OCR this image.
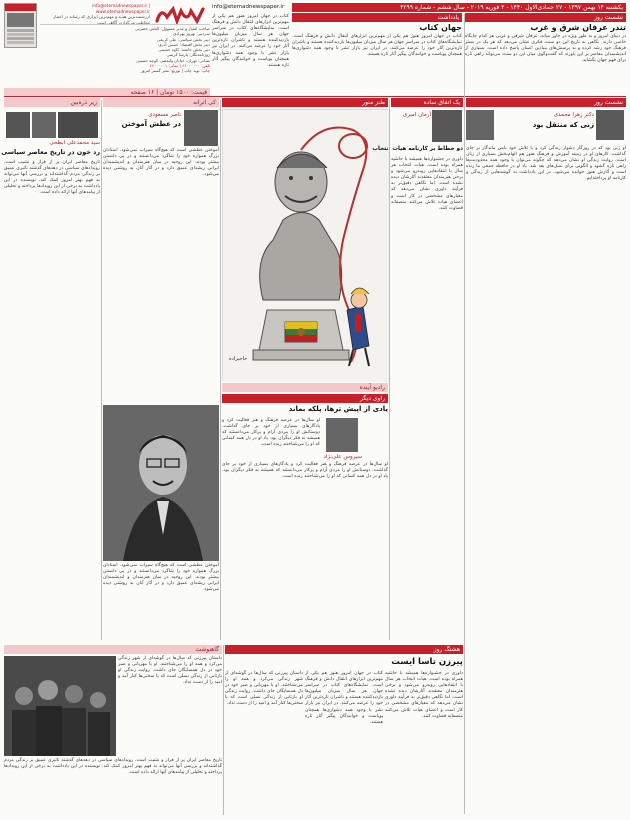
info@etemadnewspaper.ir | www.etemadnewspaper.ir
ارزشمندترین هدیه و مهم‌ترین ابزاری که رسانه در اختیار مخاطب می‌گذارد، آگاهی است
info@etemadnewspaper.ir	یکشنبه ۱۴ بهمن ۱۳۹۷ - ۲۷ جمادی‌الاول ۱۴۴۰ - ۳ فوریه ۲۰۱۹ - سال ششم - شماره ۴۲۹۹
صاحب امتیاز و مدیر مسوول: الیاس حضرتی
سردبیر: بهروز بهزادی
دبیر بخش سیاسی: علی کریمی
دبیر بخش اقتصاد: حسین آذری
دبیر بخش جامعه: کاوه حسینی
روزنامه‌نگار: پارسا کریمی
نشانی: تهران، خیابان ولیعصر، کوچه حسینی
تلفن: ۶۶۰۰۰۰۰۰ | نمابر: ۶۶۰۰۰۰۰۱
چاپ: نوید چاپ | توزیع: نشر گستر امروز
قیمت: ۱۵۰۰ تومان | ۱۶ صفحه
یادداشت
جهان کتاب
کتاب در جهان امروز هنوز هم یکی از مهم‌ترین ابزارهای انتقال دانش و فرهنگ است. نمایشگاه‌های کتاب در سراسر جهان هر سال میزبان میلیون‌ها بازدیدکننده هستند و ناشران تازه‌ترین آثار خود را عرضه می‌کنند. در ایران نیز بازار نشر با وجود همه دشواری‌ها همچنان پویاست و خوانندگان پیگیر آثار تازه هستند.
کتاب در جهان امروز هنوز هم یکی از مهم‌ترین ابزارهای انتقال دانش و فرهنگ است. نمایشگاه‌های کتاب در سراسر جهان هر سال میزبان میلیون‌ها بازدیدکننده هستند و ناشران تازه‌ترین آثار خود را عرضه می‌کنند. در ایران نیز بازار نشر با وجود همه دشواری‌ها همچنان پویاست و خوانندگان پیگیر آثار تازه هستند.
نشست روز
تندر عرفان شرق و غرب
در دنیای امروز و به طور ویژه در خاور میانه، عرفان شرقی و غربی هر کدام جایگاه خاصی دارند. نگاهی به تاریخ این دو سنت فکری نشان می‌دهد که هر یک در بستر فرهنگ خود رشد کرده و به پرسش‌های بنیادین انسان پاسخ داده است. بسیاری از اندیشمندان معاصر بر این باورند که گفت‌وگوی میان این دو سنت می‌تواند راهی تازه برای فهم جهان بگشاید.
زیر ذره‌بین	کی اثرانه	طنز منور	یک اتفاق ساده	نشست روز
سید محمدعلی ابطحی
رد خون در تاریخ معاصر سیاسی
تاریخ معاصر ایران پر از فراز و نشیب است. رویدادهای سیاسی در دهه‌های گذشته تاثیری عمیق بر زندگی مردم گذاشته‌اند و بررسی آنها می‌تواند به فهم بهتر امروز کمک کند. نویسنده در این یادداشت به برخی از این رویدادها پرداخته و تحلیلی از پیامدهای آنها ارائه داده است.
ناصر مسعودی
در عطش آموختن
آموختن عطشی است که هیچ‌گاه سیراب نمی‌شود. استادان بزرگ همواره خود را شاگرد می‌دانستند و در پی دانستن بیشتر بودند. این روحیه در میان هنرمندان و اندیشمندان ایرانی ریشه‌ای عمیق دارد و در آثار آنان به روشنی دیده می‌شود.
حاجیزاده
رادیو آینده
آرمان امیری
دو خطاط بر کارنامه هیات انتخاب
داوری در جشنواره‌ها همیشه با حاشیه همراه بوده است. هیات انتخاب هر سال با انتقادهایی روبه‌رو می‌شود و برخی هنرمندان معتقدند آثارشان دیده نشده است. اما نگاهی دقیق‌تر به فرآیند داوری نشان می‌دهد که معیارهای مشخصی در کار است و اعضای هیات تلاش می‌کنند منصفانه قضاوت کنند.
دکتر زهرا محمدی
زنی که منتقل بود
او زنی بود که در روزگار دشوار زندگی کرد و با تلاش خود نامی ماندگار بر جای گذاشت. کارهای او در زمینه آموزش و فرهنگ هنوز هم الهام‌بخش بسیاری از زنان است. روایت زندگی او نشان می‌دهد که چگونه می‌توان با وجود همه محدودیت‌ها راهی تازه گشود و الگویی برای نسل‌های بعد شد. یاد او در حافظه جمعی ما زنده است و آثارش هنوز خوانده می‌شود. در این یادداشت به گوشه‌هایی از زندگی و کارنامه او پرداخته‌ایم.
راوی دیگر
یادی از اپیش ترها، پلکه بماند
سیروس علی‌نژاد
او سال‌ها در عرصه فرهنگ و هنر فعالیت کرد و یادگارهای بسیاری از خود بر جای گذاشت. دوستانش او را مردی آرام و پرکار می‌دانستند که همیشه به فکر دیگران بود. یاد او در دل همه کسانی که او را می‌شناختند زنده است.
او سال‌ها در عرصه فرهنگ و هنر فعالیت کرد و یادگارهای بسیاری از خود بر جای گذاشت. دوستانش او را مردی آرام و پرکار می‌دانستند که همیشه به فکر دیگران بود. یاد او در دل همه کسانی که او را می‌شناختند زنده است.
آموختن عطشی است که هیچ‌گاه سیراب نمی‌شود. استادان بزرگ همواره خود را شاگرد می‌دانستند و در پی دانستن بیشتر بودند. این روحیه در میان هنرمندان و اندیشمندان ایرانی ریشه‌ای عمیق دارد و در آثار آنان به روشنی دیده می‌شود.
گاهنوشت
داستان پیرزنی که سال‌ها در گوشه‌ای از شهر زندگی می‌کرد و همه او را می‌شناختند. او با مهربانی و صبر خود در دل همسایگان جای داشت. روایت زندگی او بازتابی از زندگی نسلی است که با سختی‌ها کنار آمد و امید را از دست نداد.
تاریخ معاصر ایران پر از فراز و نشیب است. رویدادهای سیاسی در دهه‌های گذشته تاثیری عمیق بر زندگی مردم گذاشته‌اند و بررسی آنها می‌تواند به فهم بهتر امروز کمک کند. نویسنده در این یادداشت به برخی از این رویدادها پرداخته و تحلیلی از پیامدهای آنها ارائه داده است.
هشتگ روز
پیرزن تاسا ایست
داستان پیرزنی که سال‌ها در گوشه‌ای از شهر زندگی می‌کرد و همه او را می‌شناختند. او با مهربانی و صبر خود در دل همسایگان جای داشت. روایت زندگی او بازتابی از زندگی نسلی است که با سختی‌ها کنار آمد و امید را از دست نداد.
کتاب در جهان امروز هنوز هم یکی از مهم‌ترین ابزارهای انتقال دانش و فرهنگ است. نمایشگاه‌های کتاب در سراسر جهان هر سال میزبان میلیون‌ها بازدیدکننده هستند و ناشران تازه‌ترین آثار خود را عرضه می‌کنند. در ایران نیز بازار نشر با وجود همه دشواری‌ها همچنان پویاست و خوانندگان پیگیر آثار تازه هستند.
داوری در جشنواره‌ها همیشه با حاشیه همراه بوده است. هیات انتخاب هر سال با انتقادهایی روبه‌رو می‌شود و برخی هنرمندان معتقدند آثارشان دیده نشده است. اما نگاهی دقیق‌تر به فرآیند داوری نشان می‌دهد که معیارهای مشخصی در کار است و اعضای هیات تلاش می‌کنند منصفانه قضاوت کنند.
